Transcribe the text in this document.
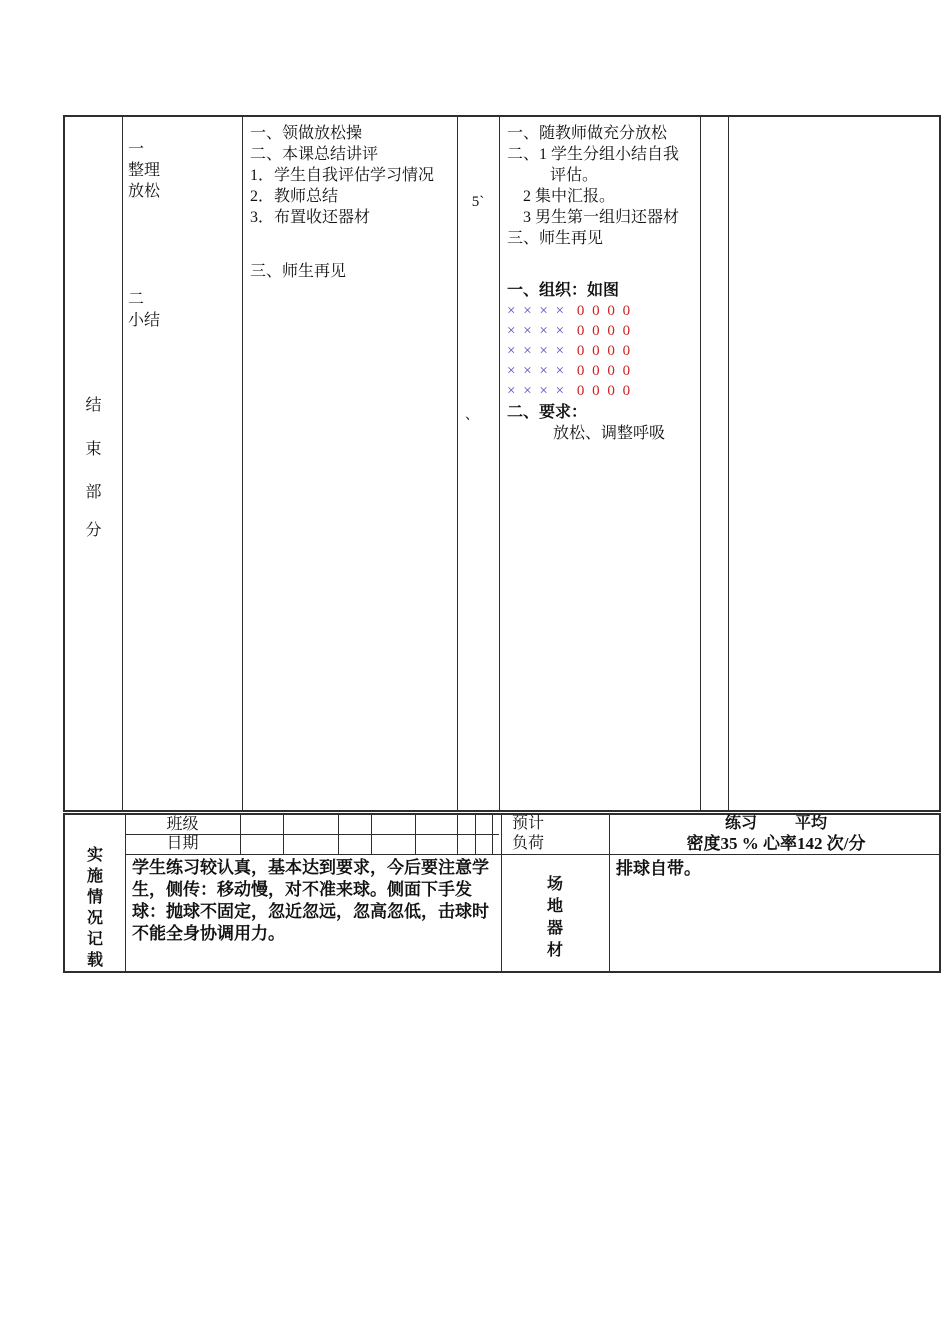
结
束
部
分
一
整理
放松
二
小结
一、领做放松操
二、本课总结讲评
1．学生自我评估学习情况
2．教师总结
3．布置收还器材
三、师生再见
5`
、
一、随教师做充分放松
二、1 学生分组小结自我
评估。
2 集中汇报。
3 男生第一组归还器材
三、师生再见
一、组织：如图
× × × × 0 0 0 0
× × × × 0 0 0 0
× × × × 0 0 0 0
× × × × 0 0 0 0
× × × × 0 0 0 0
二、要求：
放松、调整呼吸
实
施
情
况
记
载
班级
日期
预计
负荷
练习 平均
密度35 % 心率142 次/分
学生练习较认真，基本达到要求，今后要注意学
生，侧传：移动慢，对不准来球。侧面下手发
球：抛球不固定，忽近忽远，忽高忽低，击球时
不能全身协调用力。
场
地
器
材
排球自带。
